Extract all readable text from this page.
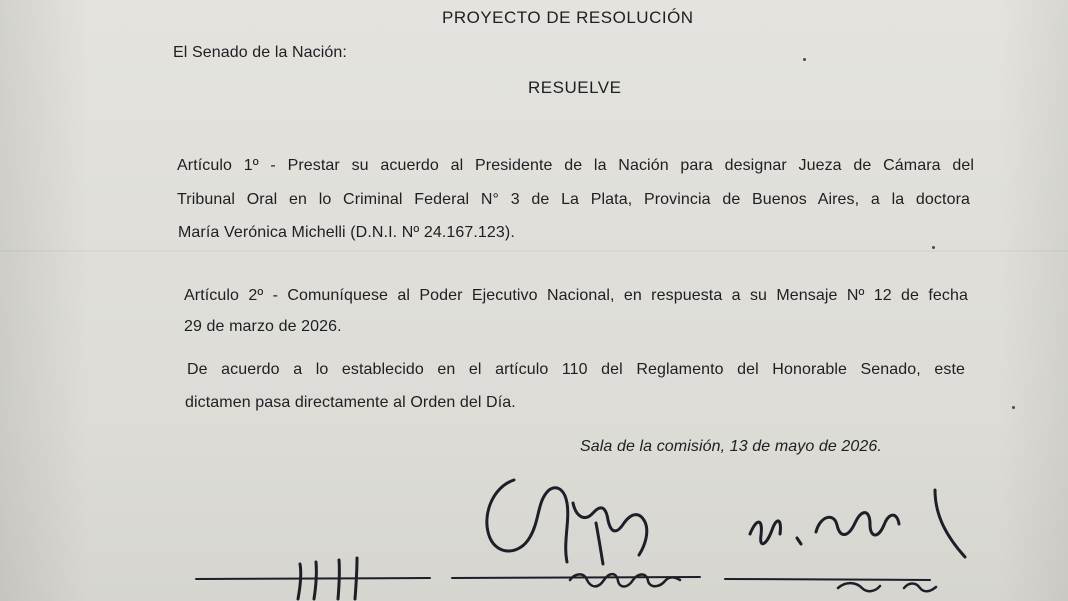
PROYECTO DE RESOLUCIÓN
El Senado de la Nación:
RESUELVE
Artículo 1º - Prestar su acuerdo al Presidente de la Nación para designar Jueza de Cámara del
Tribunal Oral en lo Criminal Federal N° 3 de La Plata, Provincia de Buenos Aires, a la doctora
María Verónica Michelli (D.N.I. Nº 24.167.123).
Artículo 2º - Comuníquese al Poder Ejecutivo Nacional, en respuesta a su Mensaje Nº 12 de fecha
29 de marzo de 2026.
De acuerdo a lo establecido en el artículo 110 del Reglamento del Honorable Senado, este
dictamen pasa directamente al Orden del Día.
Sala de la comisión, 13 de mayo de 2026.
